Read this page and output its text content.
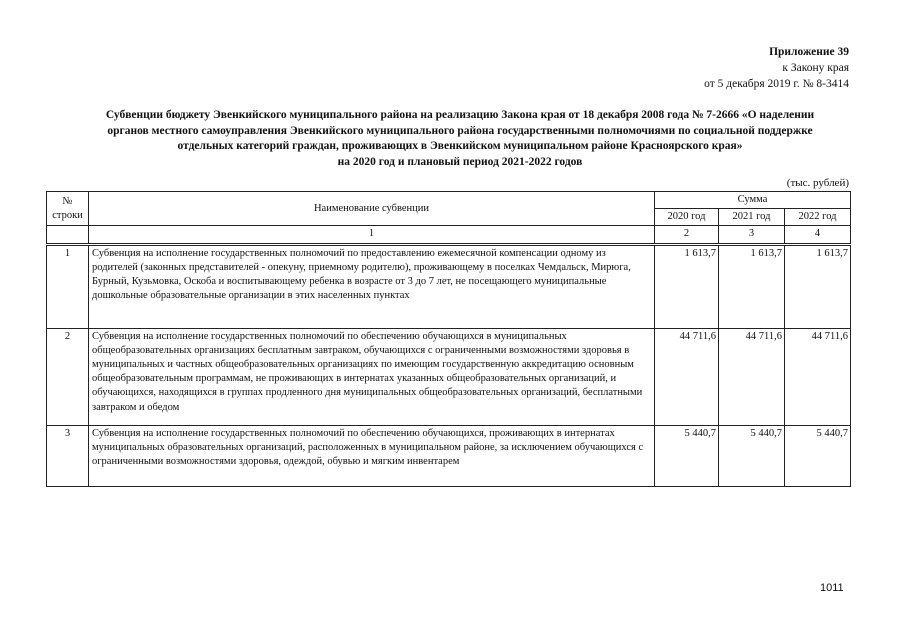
Приложение 39
к Закону края
от 5 декабря 2019 г. № 8-3414
Субвенции бюджету Эвенкийского муниципального района на реализацию Закона края от 18 декабря 2008 года № 7-2666 «О наделении
органов местного самоуправления Эвенкийского муниципального района государственными полномочиями по социальной поддержке
отдельных категорий граждан, проживающих в Эвенкийском муниципальном районе Красноярского края»
на 2020 год и плановый период 2021-2022 годов
(тыс. рублей)
№
строки	Наименование субвенции	Сумма		
		2020 год	2021 год	2022 год
	1	2	3	4
1	Субвенция на исполнение государственных полномочий по предоставлению ежемесячной компенсации одному из родителей (законных представителей - опекуну, приемному родителю), проживающему в поселках Чемдальск, Мирюга, Бурный, Кузьмовка, Оскоба и воспитывающему ребенка в возрасте от 3 до 7 лет, не посещающего муниципальные дошкольные образовательные организации в этих населенных пунктах	1 613,7	1 613,7	1 613,7
2	Субвенция на исполнение государственных полномочий по обеспечению обучающихся в муниципальных общеобразовательных организациях бесплатным завтраком, обучающихся с ограниченными возможностями здоровья в муниципальных и частных общеобразовательных организациях по имеющим государственную аккредитацию основным общеобразовательным программам, не проживающих в интернатах указанных общеобразовательных организаций, и обучающихся, находящихся в группах продленного дня муниципальных общеобразовательных организаций, бесплатными завтраком и обедом	44 711,6	44 711,6	44 711,6
3	Субвенция на исполнение государственных полномочий по обеспечению обучающихся, проживающих в интернатах муниципальных образовательных организаций, расположенных в муниципальном районе, за исключением обучающихся с ограниченными возможностями здоровья, одеждой, обувью и мягким инвентарем	5 440,7	5 440,7	5 440,7
1011
